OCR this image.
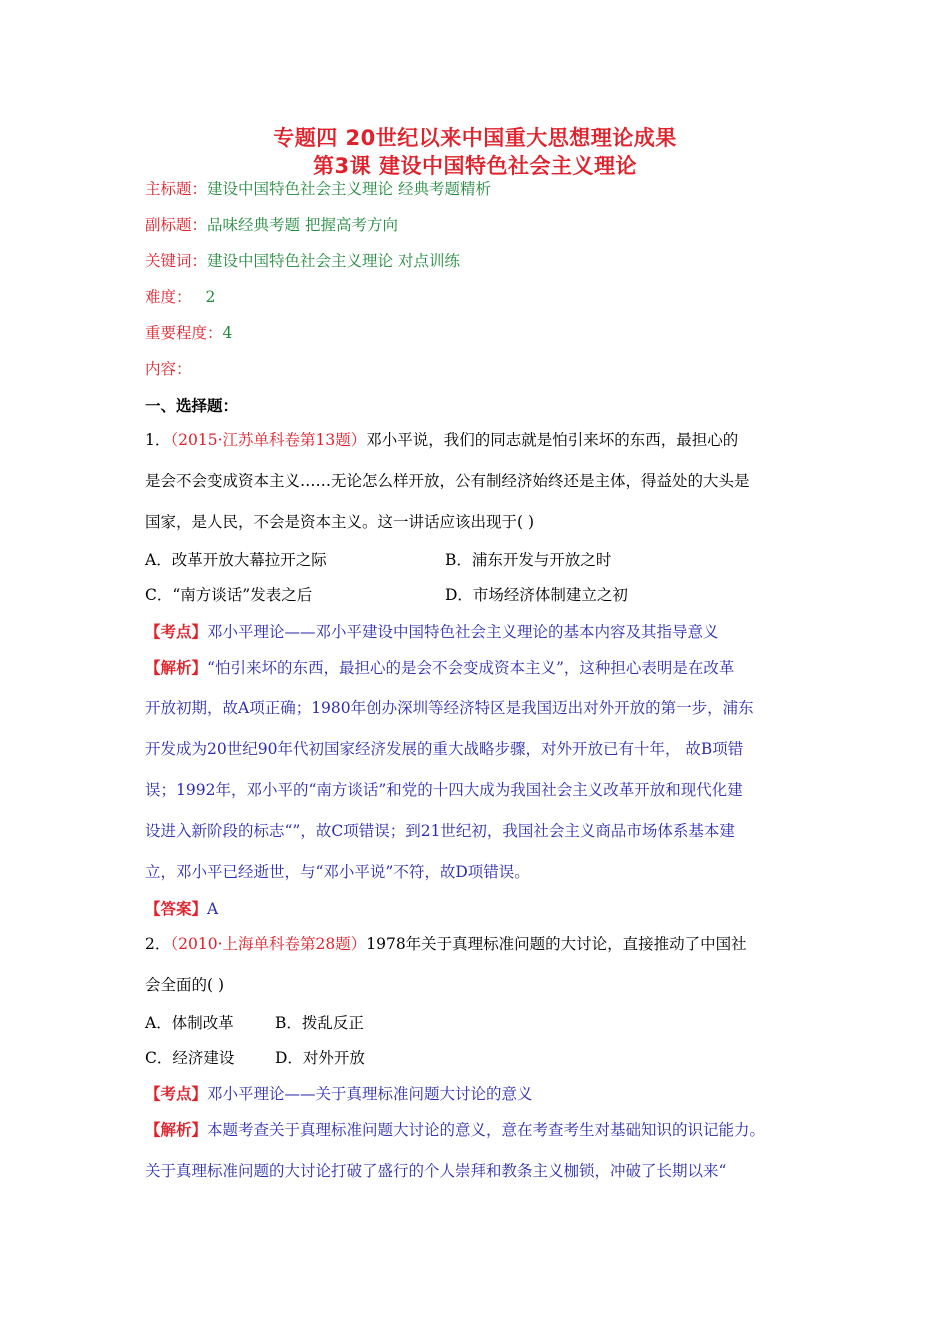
专题四 20世纪以来中国重大思想理论成果
第3课 建设中国特色社会主义理论
主标题：建设中国特色社会主义理论 经典考题精析
副标题：品味经典考题 把握高考方向
关键词：建设中国特色社会主义理论 对点训练
难度： 2
重要程度：4
内容：
一、选择题：
1．（2015·江苏单科卷第13题）邓小平说，我们的同志就是怕引来坏的东西，最担心的
是会不会变成资本主义……无论怎么样开放，公有制经济始终还是主体，得益处的大头是
国家，是人民，不会是资本主义。这一讲话应该出现于( )
A．改革开放大幕拉开之际	B．浦东开发与开放之时
C．“南方谈话”发表之后	D．市场经济体制建立之初
【考点】邓小平理论——邓小平建设中国特色社会主义理论的基本内容及其指导意义
【解析】“怕引来坏的东西，最担心的是会不会变成资本主义”，这种担心表明是在改革
开放初期，故A项正确；1980年创办深圳等经济特区是我国迈出对外开放的第一步，浦东
开发成为20世纪90年代初国家经济发展的重大战略步骤，对外开放已有十年， 故B项错
误；1992年，邓小平的“南方谈话”和党的十四大成为我国社会主义改革开放和现代化建
设进入新阶段的标志“”，故C项错误；到21世纪初，我国社会主义商品市场体系基本建
立，邓小平已经逝世，与“邓小平说”不符，故D项错误。
【答案】A
2．（2010·上海单科卷第28题）1978年关于真理标准问题的大讨论，直接推动了中国社
会全面的( )
A．体制改革	B．拨乱反正
C．经济建设	D．对外开放
【考点】邓小平理论——关于真理标准问题大讨论的意义
【解析】本题考查关于真理标准问题大讨论的意义，意在考查考生对基础知识的识记能力。
关于真理标准问题的大讨论打破了盛行的个人崇拜和教条主义枷锁，冲破了长期以来“
